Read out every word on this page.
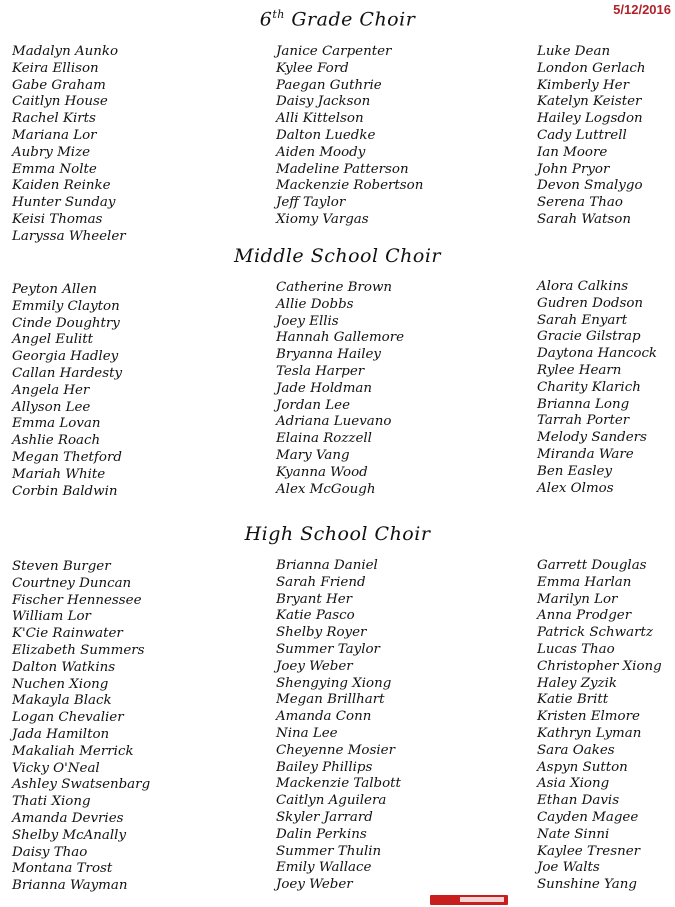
5/12/2016
6th Grade Choir
Madalyn Aunko
Keira Ellison
Gabe Graham
Caitlyn House
Rachel Kirts
Mariana Lor
Aubry Mize
Emma Nolte
Kaiden Reinke
Hunter Sunday
Keisi Thomas
Laryssa Wheeler
Janice Carpenter
Kylee Ford
Paegan Guthrie
Daisy Jackson
Alli Kittelson
Dalton Luedke
Aiden Moody
Madeline Patterson
Mackenzie Robertson
Jeff Taylor
Xiomy Vargas
Luke Dean
London Gerlach
Kimberly Her
Katelyn Keister
Hailey Logsdon
Cady Luttrell
Ian Moore
John Pryor
Devon Smalygo
Serena Thao
Sarah Watson
Middle School Choir
Peyton Allen
Emmily Clayton
Cinde Doughtry
Angel Eulitt
Georgia Hadley
Callan Hardesty
Angela Her
Allyson Lee
Emma Lovan
Ashlie Roach
Megan Thetford
Mariah White
Corbin Baldwin
Catherine Brown
Allie Dobbs
Joey Ellis
Hannah Gallemore
Bryanna Hailey
Tesla Harper
Jade Holdman
Jordan Lee
Adriana Luevano
Elaina Rozzell
Mary Vang
Kyanna Wood
Alex McGough
Alora Calkins
Gudren Dodson
Sarah Enyart
Gracie Gilstrap
Daytona Hancock
Rylee Hearn
Charity Klarich
Brianna Long
Tarrah Porter
Melody Sanders
Miranda Ware
Ben Easley
Alex Olmos
High School Choir
Steven Burger
Courtney Duncan
Fischer Hennessee
William Lor
K'Cie Rainwater
Elizabeth Summers
Dalton Watkins
Nuchen Xiong
Makayla Black
Logan Chevalier
Jada Hamilton
Makaliah Merrick
Vicky O'Neal
Ashley Swatsenbarg
Thati Xiong
Amanda Devries
Shelby McAnally
Daisy Thao
Montana Trost
Brianna Wayman
Brianna Daniel
Sarah Friend
Bryant Her
Katie Pasco
Shelby Royer
Summer Taylor
Joey Weber
Shengying Xiong
Megan Brillhart
Amanda Conn
Nina Lee
Cheyenne Mosier
Bailey Phillips
Mackenzie Talbott
Caitlyn Aguilera
Skyler Jarrard
Dalin Perkins
Summer Thulin
Emily Wallace
Joey Weber
Garrett Douglas
Emma Harlan
Marilyn Lor
Anna Prodger
Patrick Schwartz
Lucas Thao
Christopher Xiong
Haley Zyzik
Katie Britt
Kristen Elmore
Kathryn Lyman
Sara Oakes
Aspyn Sutton
Asia Xiong
Ethan Davis
Cayden Magee
Nate Sinni
Kaylee Tresner
Joe Walts
Sunshine Yang
